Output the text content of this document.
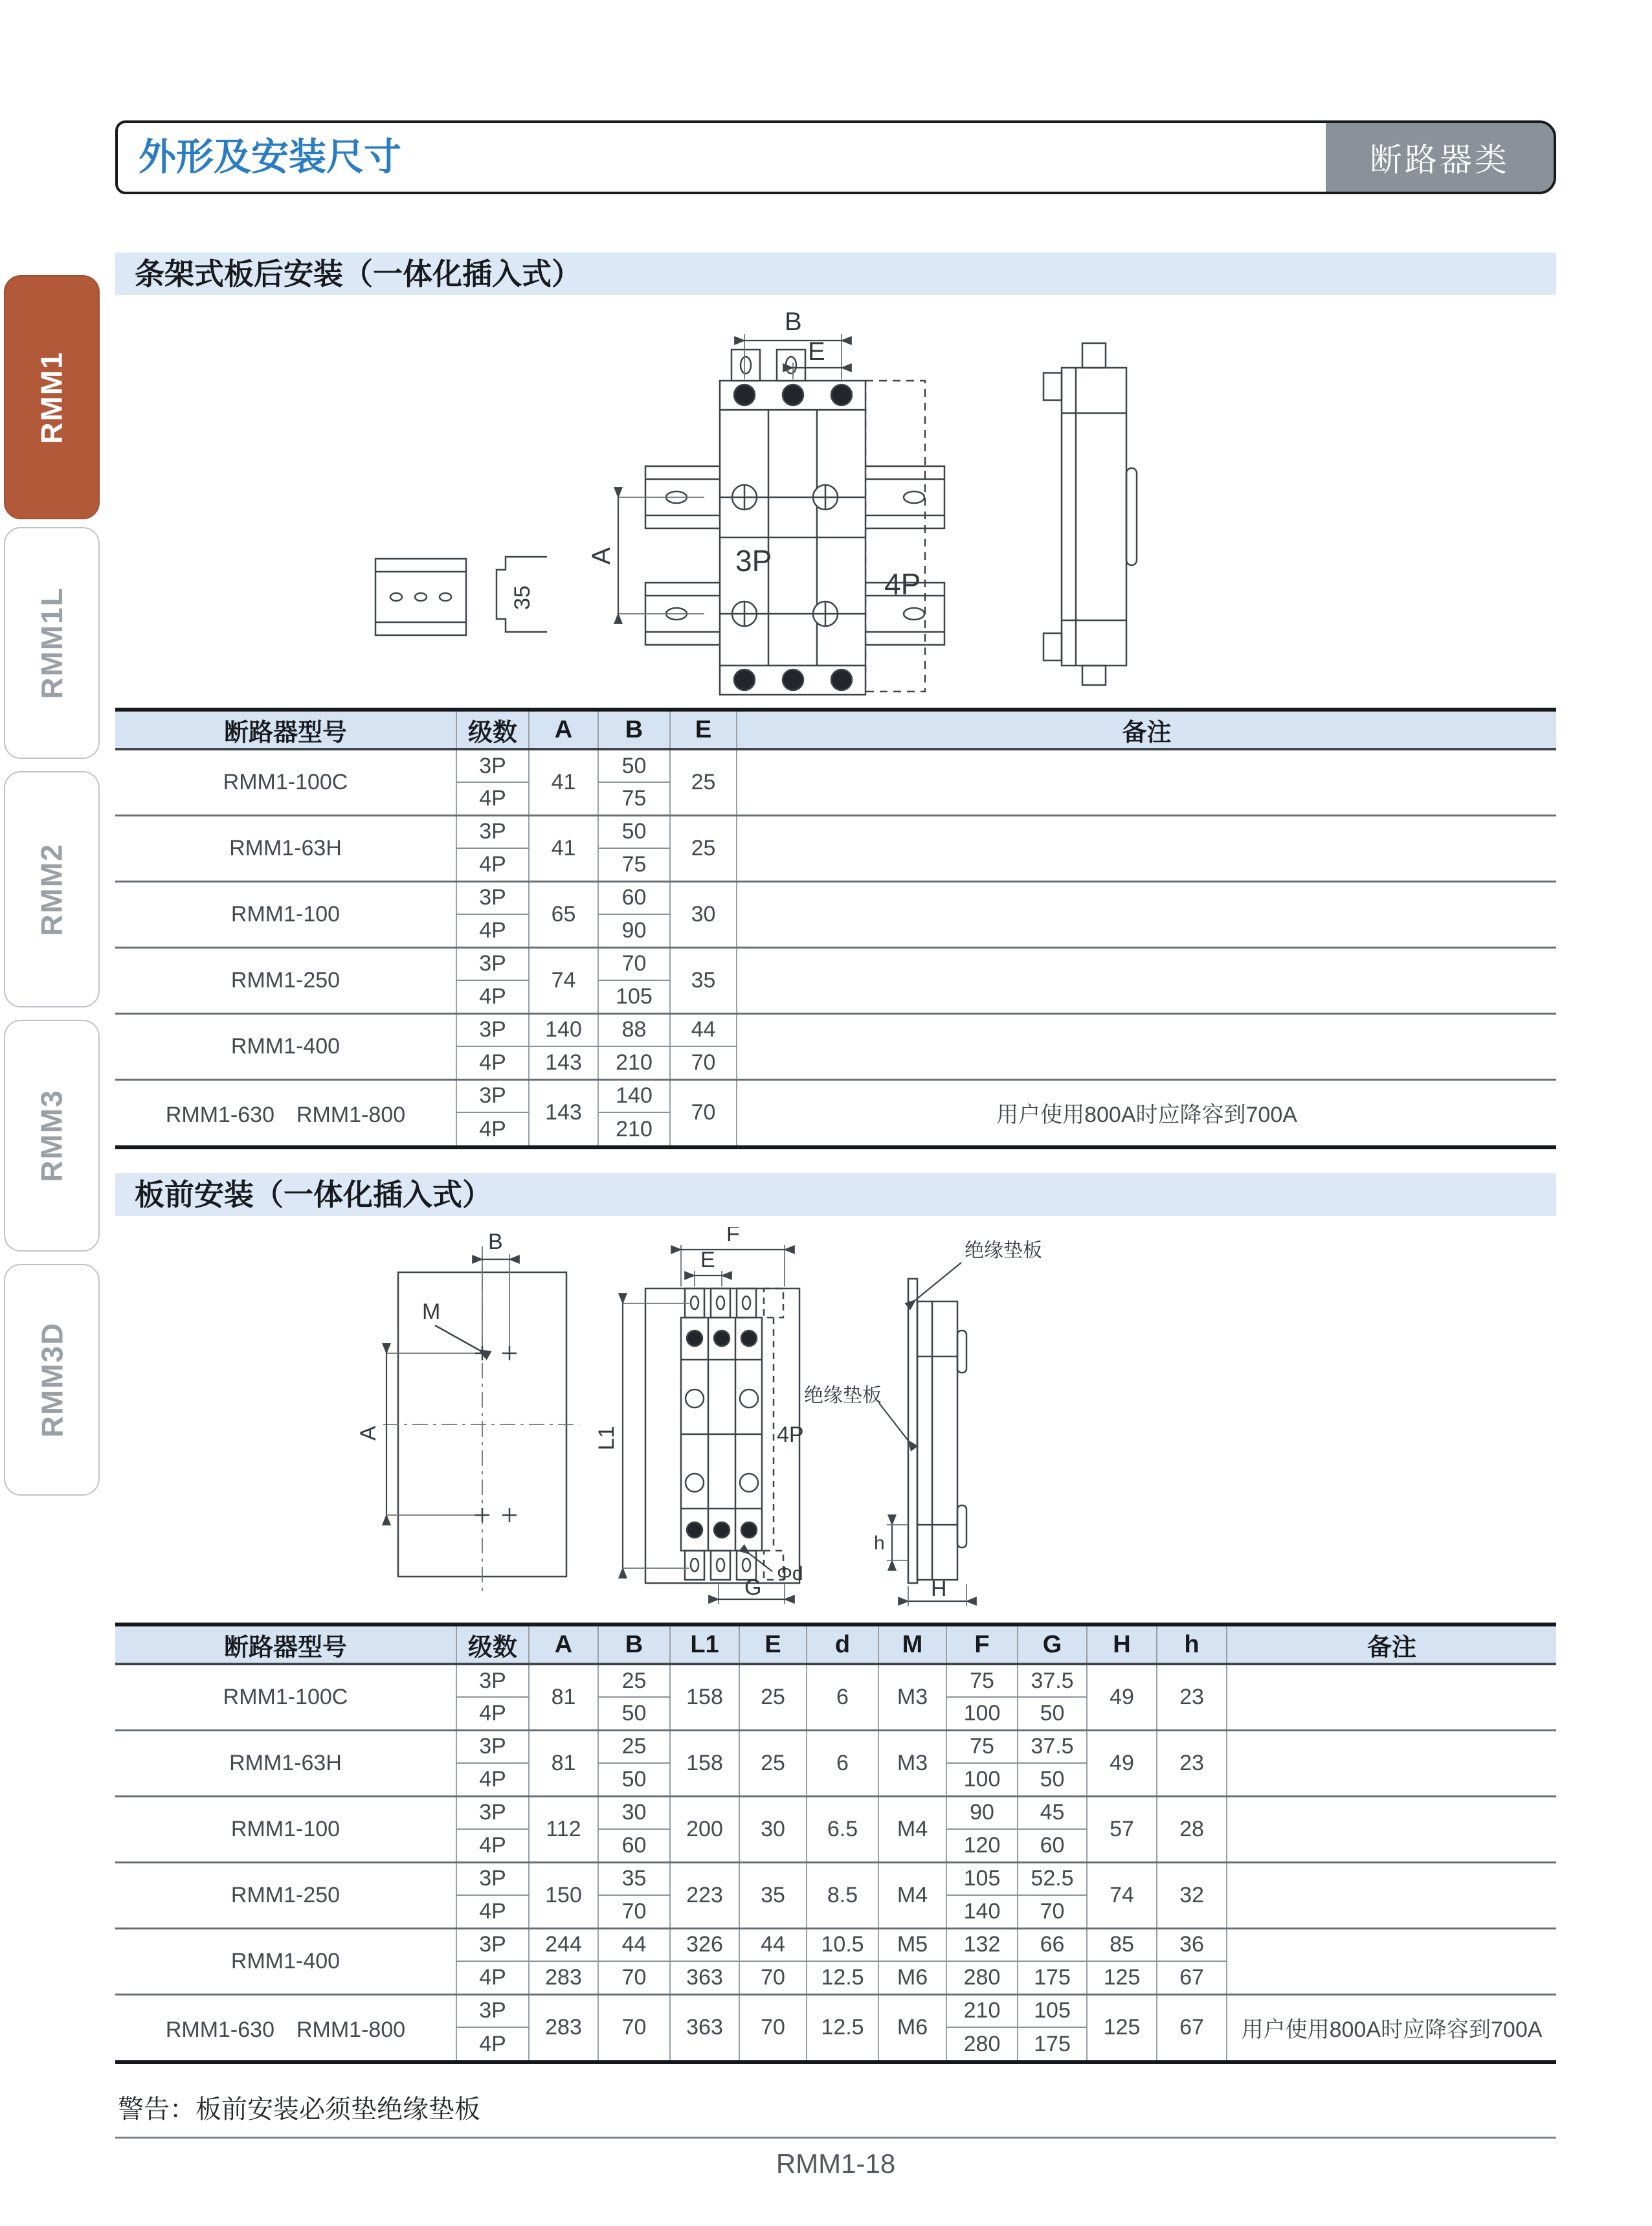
RMM1
RMM1L
RMM2
RMM3
RMM3D
外形及安装尺寸	断路器类
条架式板后安装（一体化插入式）
B
E
A	3P
4P
35
断路器型号	级数	A	B	E	备注
RMM1-100C	3P	41	50	25	
	4P		75		
RMM1-63H	3P	41	50	25	
	4P		75		
RMM1-100	3P	65	60	30	
	4P		90		
RMM1-250	3P	74	70	35	
	4P		105		
RMM1-400	3P	140	88	44	
	4P	143	210	70	
RMM1-630　RMM1-800	3P	143	140	70	用户使用800A时应降容到700A
	4P		210		
板前安装（一体化插入式）
B
M
A
F
E
L1	4P
Φd
G	H
h
绝缘垫板
绝缘垫板
断路器型号	级数	A	B	L1	E	d	M	F	G	H	h	备注
RMM1-100C	3P	81	25	158	25	6	M3	75	37.5	49	23	
	4P		50					100	50			
RMM1-63H	3P	81	25	158	25	6	M3	75	37.5	49	23	
	4P		50					100	50			
RMM1-100	3P	112	30	200	30	6.5	M4	90	45	57	28	
	4P		60					120	60			
RMM1-250	3P	150	35	223	35	8.5	M4	105	52.5	74	32	
	4P		70					140	70			
RMM1-400	3P	244	44	326	44	10.5	M5	132	66	85	36	
	4P	283	70	363	70	12.5	M6	280	175	125	67	
RMM1-630　RMM1-800	3P	283	70	363	70	12.5	M6	210	105	125	67	用户使用800A时应降容到700A
	4P							280	175			
警告：板前安装必须垫绝缘垫板
RMM1-18
